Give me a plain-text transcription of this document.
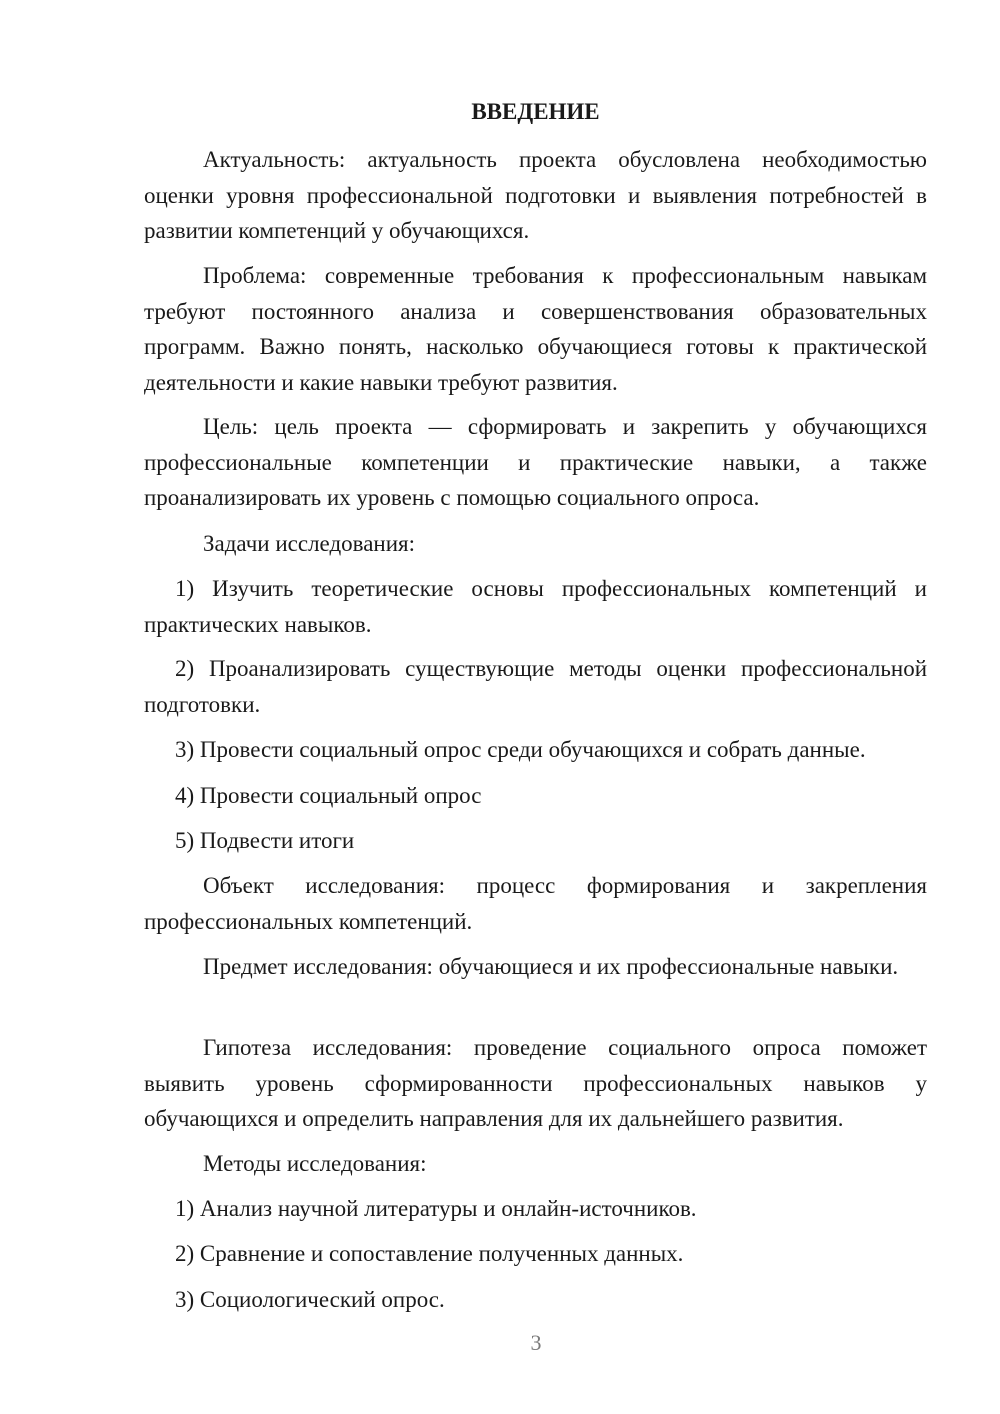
ВВЕДЕНИЕ
Актуальность: актуальность проекта обусловлена необходимостью оценки уровня профессиональной подготовки и выявления потребностей в развитии компетенций у обучающихся.
Проблема: современные требования к профессиональным навыкам требуют постоянного анализа и совершенствования образовательных программ. Важно понять, насколько обучающиеся готовы к практической деятельности и какие навыки требуют развития.
Цель: цель проекта — сформировать и закрепить у обучающихся профессиональные компетенции и практические навыки, а также проанализировать их уровень с помощью социального опроса.
Задачи исследования:
1) Изучить теоретические основы профессиональных компетенций и практических навыков.
2) Проанализировать существующие методы оценки профессиональной подготовки.
3) Провести социальный опрос среди обучающихся и собрать данные.
4) Провести социальный опрос
5) Подвести итоги
Объект исследования: процесс формирования и закрепления профессиональных компетенций.
Предмет исследования: обучающиеся и их профессиональные навыки.
Гипотеза исследования: проведение социального опроса поможет выявить уровень сформированности профессиональных навыков у обучающихся и определить направления для их дальнейшего развития.
Методы исследования:
1) Анализ научной литературы и онлайн-источников.
2) Сравнение и сопоставление полученных данных.
3) Социологический опрос.
3
